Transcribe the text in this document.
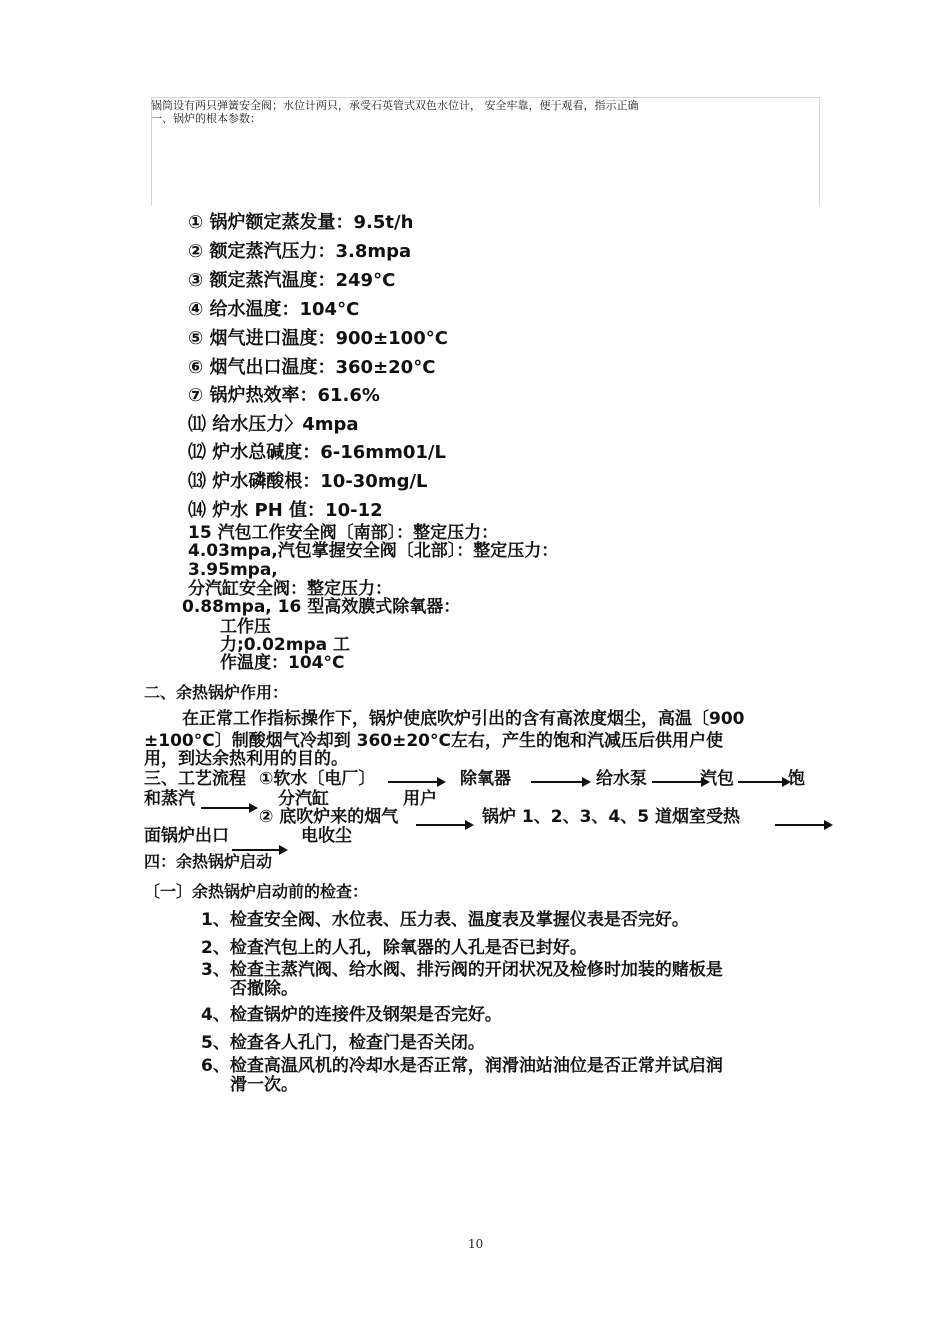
锅筒设有两只弹簧安全阀；水位计两只，承受石英管式双色水位计， 安全牢靠，便于观看，指示正确
一、锅炉的根本参数：
① 锅炉额定蒸发量：9.5t/h
② 额定蒸汽压力：3.8mpa
③ 额定蒸汽温度：249°C
④ 给水温度：104°C
⑤ 烟气进口温度：900±100°C
⑥ 烟气出口温度：360±20°C
⑦ 锅炉热效率：61.6%
⑾ 给水压力〉4mpa
⑿ 炉水总碱度：6-16mm01/L
⒀ 炉水磷酸根：10-30mg/L
⒁ 炉水 PH 值：10-12
15 汽包工作安全阀〔南部〕：整定压力：
4.03mpa,汽包掌握安全阀〔北部〕：整定压力：
3.95mpa,
分汽缸安全阀：整定压力：
0.88mpa, 16 型高效膜式除氧器：
工作压
力;0.02mpa 工
作温度：104°C
二、余热锅炉作用：
在正常工作指标操作下，锅炉使底吹炉引出的含有高浓度烟尘，高温〔900
±100°C〕制酸烟气冷却到 360±20°C左右，产生的饱和汽减压后供用户使
用，到达余热利用的目的。
三、工艺流程 ①软水〔电厂〕	除氧器	给水泵	汽包	饱
和蒸汽	分汽缸	用户
② 底吹炉来的烟气	锅炉 1、2、3、4、5 道烟室受热
面锅炉出口	电收尘
四：余热锅炉启动
〔一〕余热锅炉启动前的检查：
1、检查安全阀、水位表、压力表、温度表及掌握仪表是否完好。
2、检查汽包上的人孔，除氧器的人孔是否已封好。
3、检查主蒸汽阀、给水阀、排污阀的开闭状况及检修时加装的赌板是
否撤除。
4、检查锅炉的连接件及钢架是否完好。
5、检查各人孔门，检查门是否关闭。
6、检查高温风机的冷却水是否正常，润滑油站油位是否正常并试启润
滑一次。
10
